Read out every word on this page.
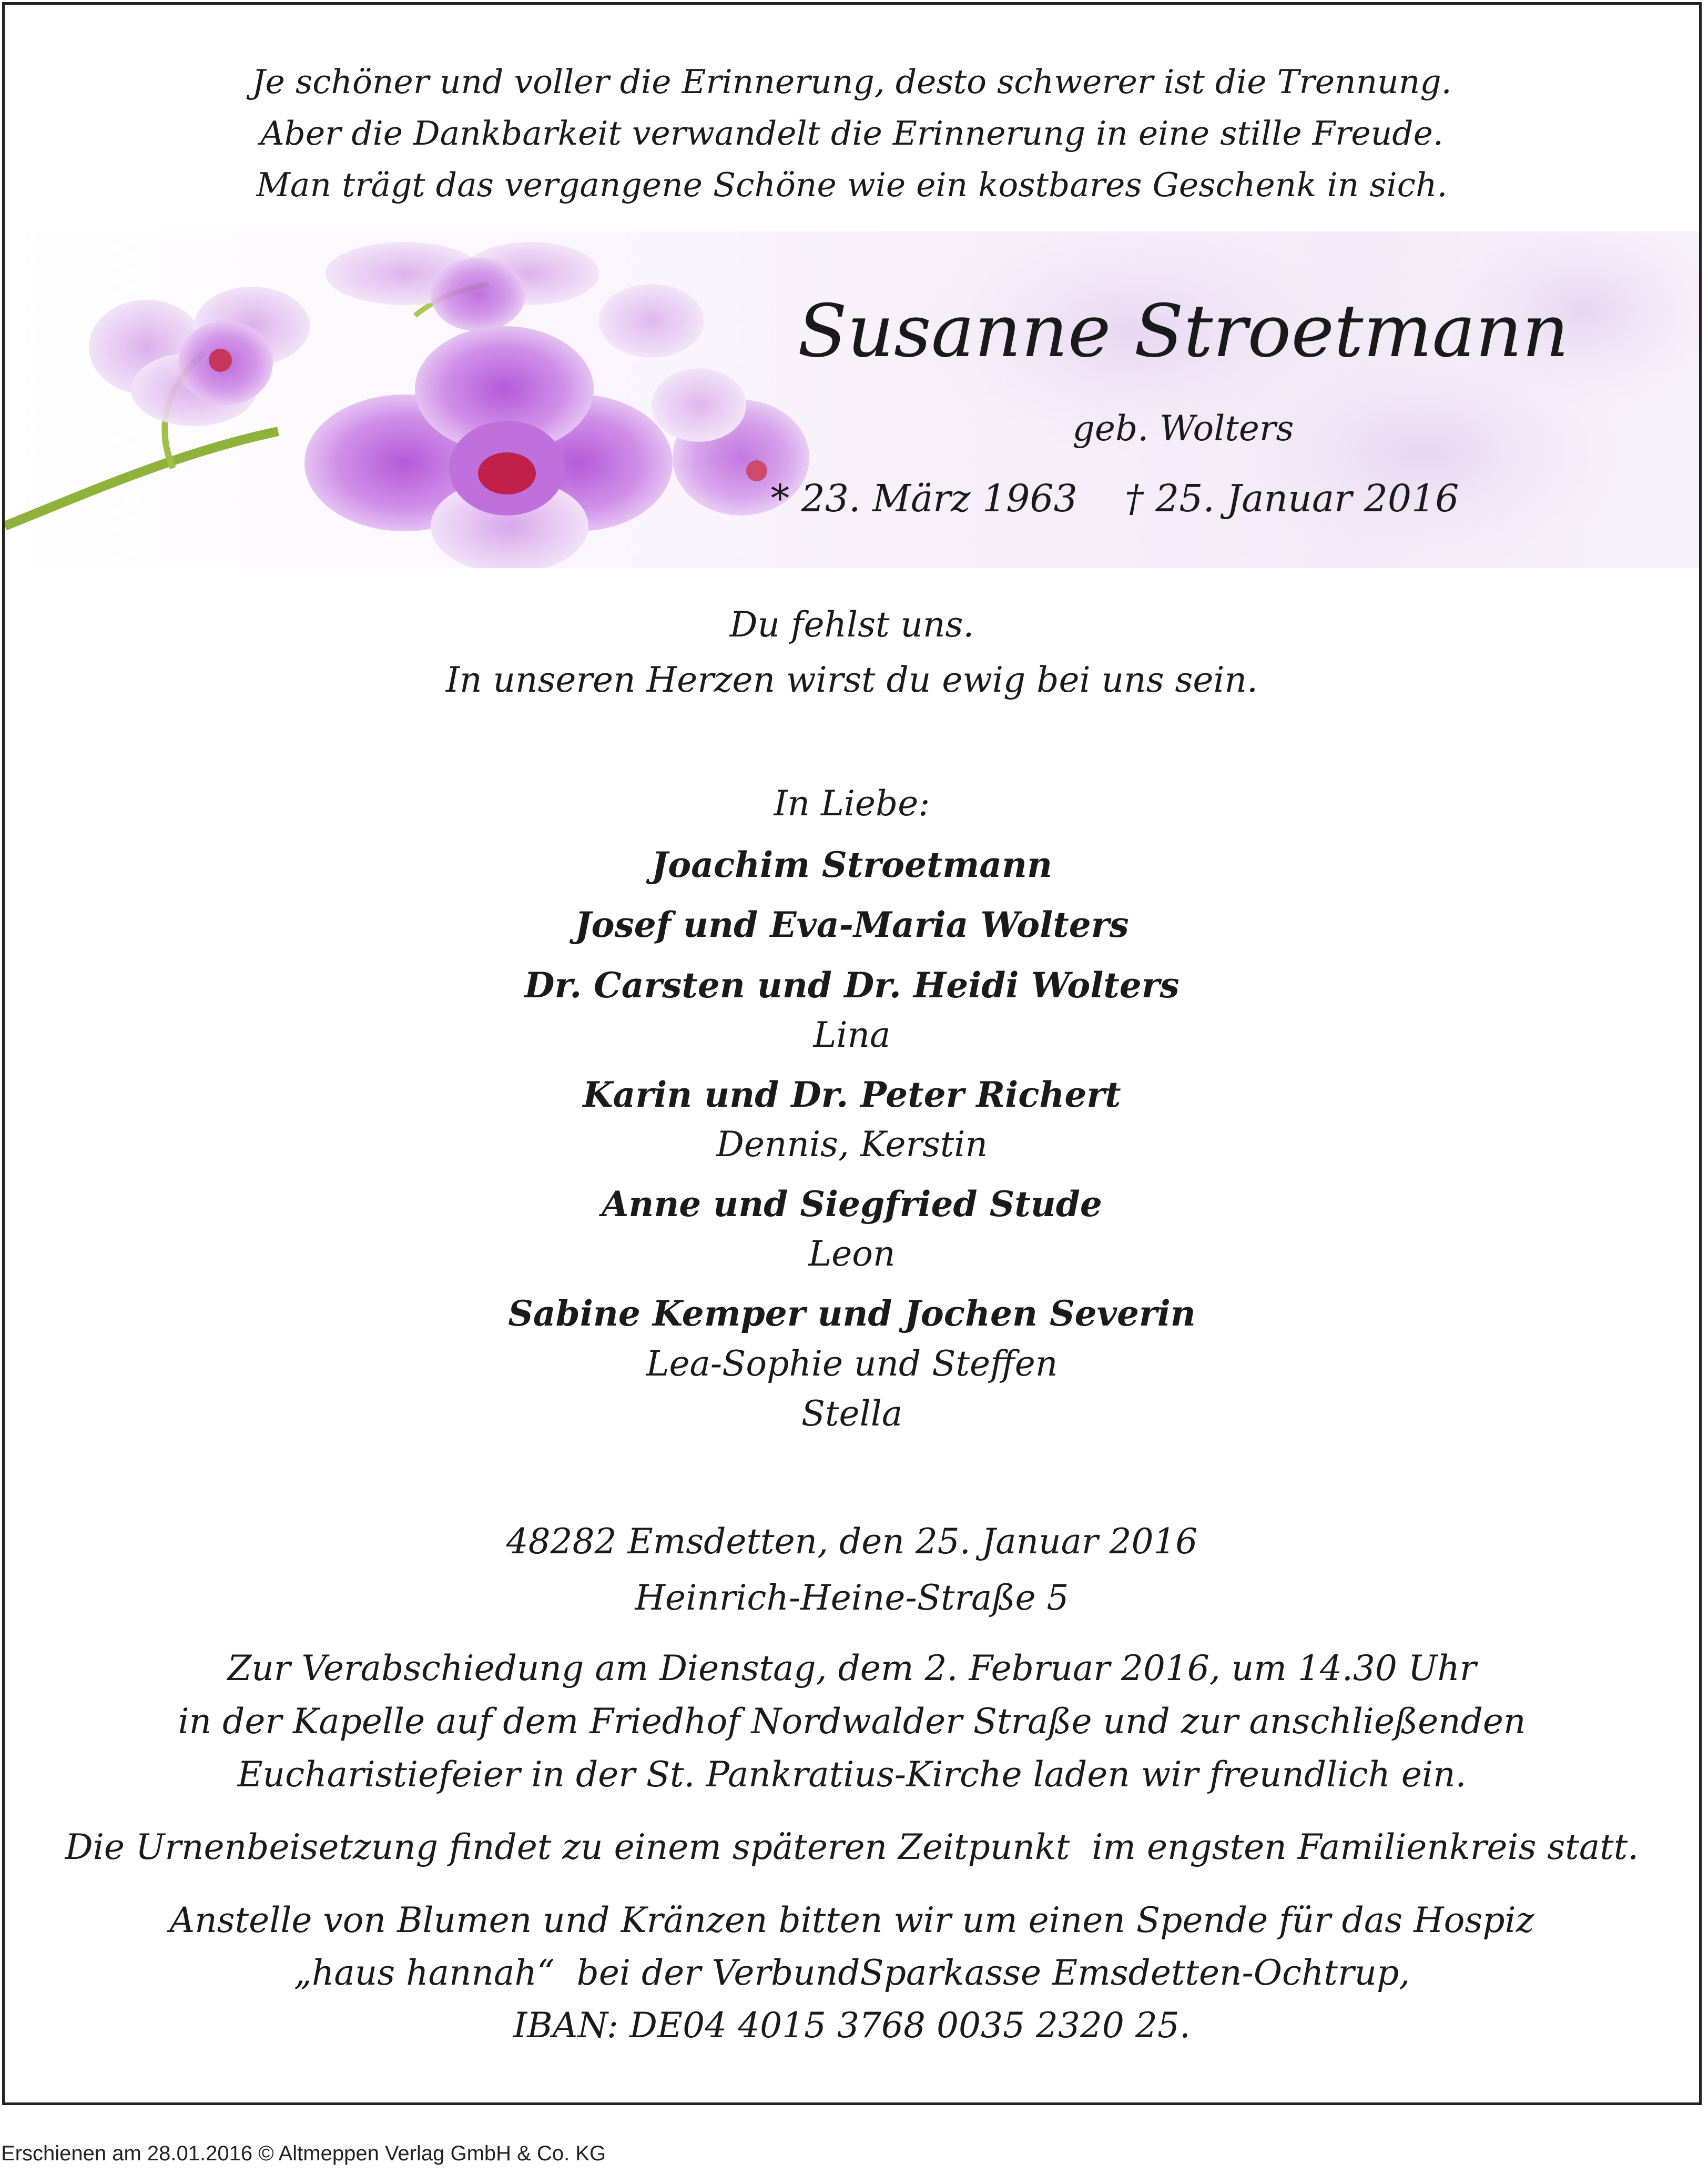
Je schöner und voller die Erinnerung, desto schwerer ist die Trennung.
Aber die Dankbarkeit verwandelt die Erinnerung in eine stille Freude.
Man trägt das vergangene Schöne wie ein kostbares Geschenk in sich.
Susanne Stroetmann
geb. Wolters
* 23. März 1963    † 25. Januar 2016
Du fehlst uns.
In unseren Herzen wirst du ewig bei uns sein.
In Liebe:
Joachim Stroetmann
Josef und Eva-Maria Wolters
Dr. Carsten und Dr. Heidi Wolters
Lina
Karin und Dr. Peter Richert
Dennis, Kerstin
Anne und Siegfried Stude
Leon
Sabine Kemper und Jochen Severin
Lea-Sophie und Steffen
Stella
48282 Emsdetten, den 25. Januar 2016
Heinrich-Heine-Straße 5
Zur Verabschiedung am Dienstag, dem 2. Februar 2016, um 14.30 Uhr
in der Kapelle auf dem Friedhof Nordwalder Straße und zur anschließenden
Eucharistiefeier in der St. Pankratius-Kirche laden wir freundlich ein.
Die Urnenbeisetzung findet zu einem späteren Zeitpunkt  im engsten Familienkreis statt.
Anstelle von Blumen und Kränzen bitten wir um einen Spende für das Hospiz
„haus hannah“  bei der VerbundSparkasse Emsdetten-Ochtrup,
IBAN: DE04 4015 3768 0035 2320 25.
Erschienen am 28.01.2016 © Altmeppen Verlag GmbH & Co. KG
